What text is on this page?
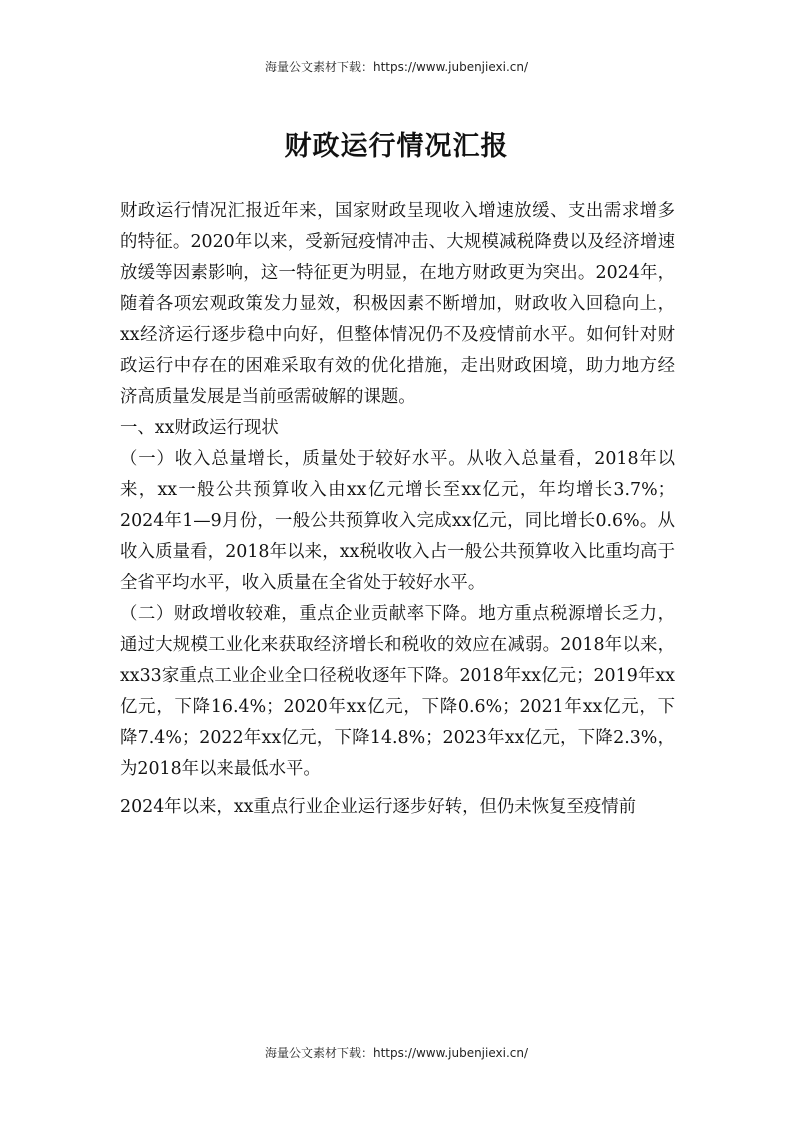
海量公文素材下载：https://www.jubenjiexi.cn/
财政运行情况汇报

财政运行情况汇报近年来，国家财政呈现收入增速放缓、支出需求增多的特征。2020年以来，受新冠疫情冲击、大规模减税降费以及经济增速放缓等因素影响，这一特征更为明显，在地方财政更为突出。2024年，随着各项宏观政策发力显效，积极因素不断增加，财政收入回稳向上，xx经济运行逐步稳中向好，但整体情况仍不及疫情前水平。如何针对财政运行中存在的困难采取有效的优化措施，走出财政困境，助力地方经济高质量发展是当前亟需破解的课题。

一、xx财政运行现状

（一）收入总量增长，质量处于较好水平。从收入总量看，2018年以来，xx一般公共预算收入由xx亿元增长至xx亿元，年均增长3.7%；2024年1—9月份，一般公共预算收入完成xx亿元，同比增长0.6%。从收入质量看，2018年以来，xx税收收入占一般公共预算收入比重均高于全省平均水平，收入质量在全省处于较好水平。

（二）财政增收较难，重点企业贡献率下降。地方重点税源增长乏力，通过大规模工业化来获取经济增长和税收的效应在减弱。2018年以来，xx33家重点工业企业全口径税收逐年下降。2018年xx亿元；2019年xx亿元，下降16.4%；2020年xx亿元，下降0.6%；2021年xx亿元，下降7.4%；2022年xx亿元，下降14.8%；2023年xx亿元，下降2.3%，为2018年以来最低水平。

2024年以来，xx重点行业企业运行逐步好转，但仍未恢复至疫情前

海量公文素材下载：https://www.jubenjiexi.cn/
